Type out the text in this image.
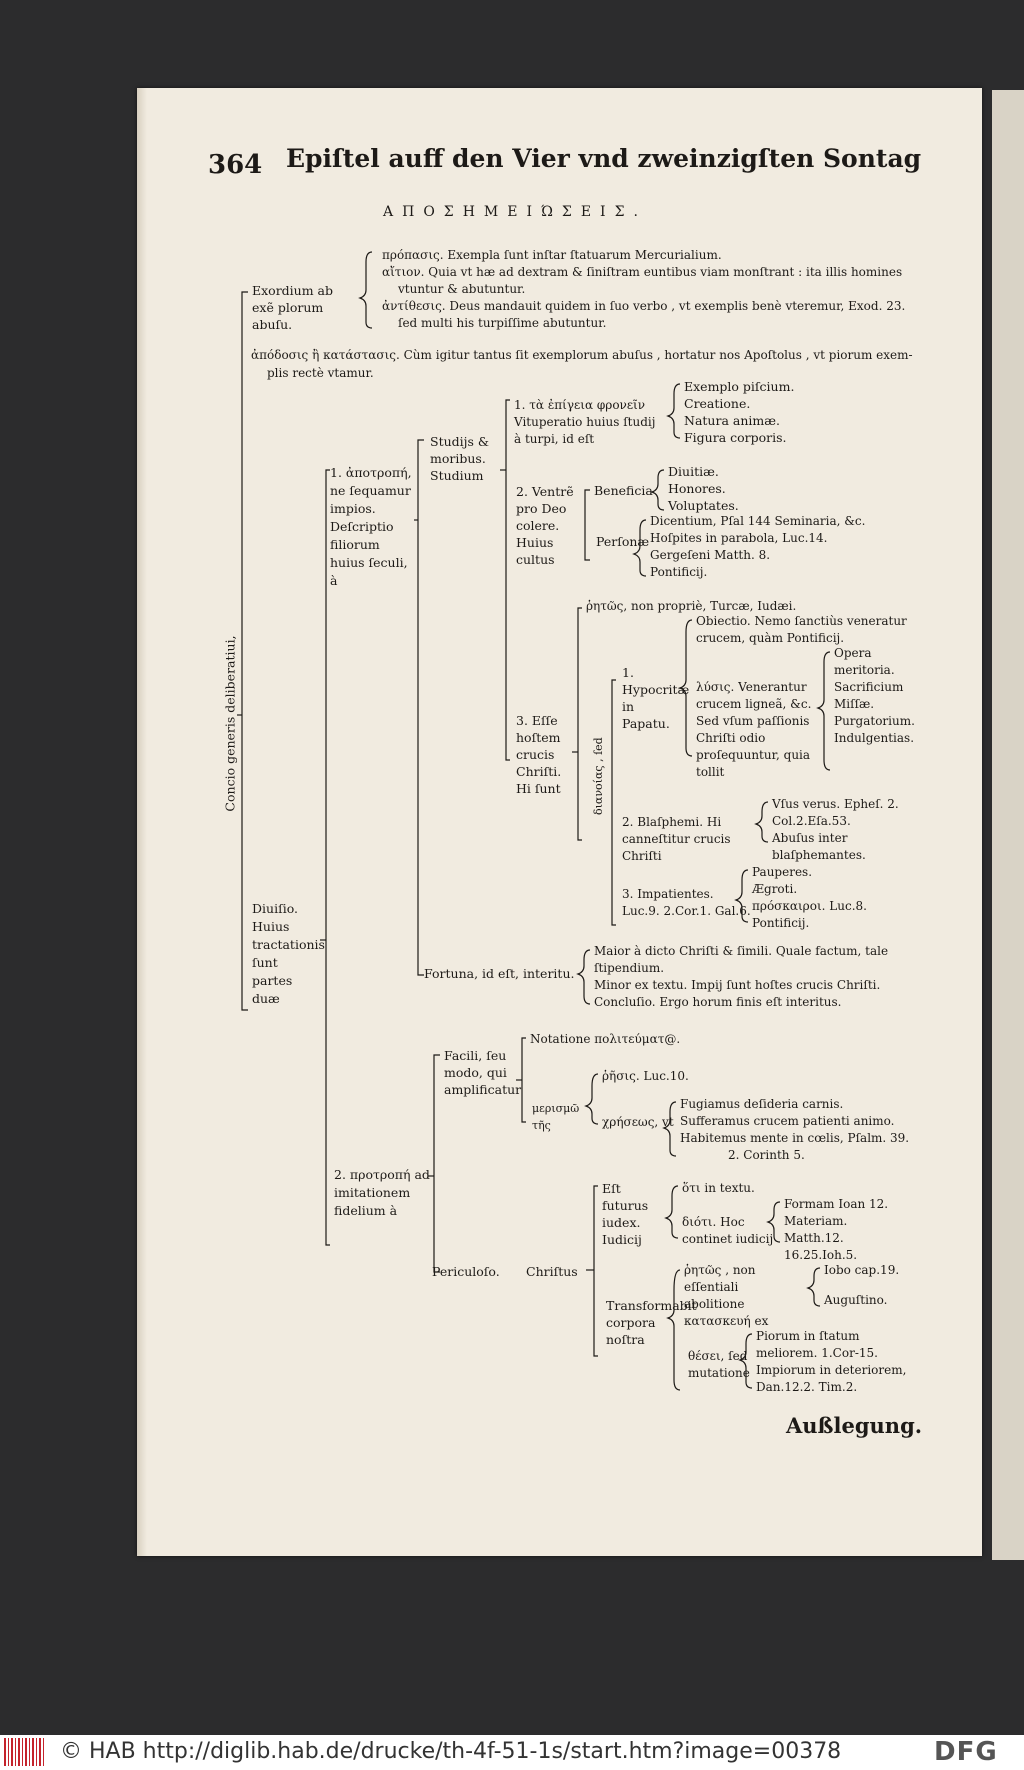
364 Epiſtel auff den Vier vnd zweinzigſten Sontag
ΑΠΟΣΗΜΕΙΏΣΕΙΣ.
Exordium ab exẽ plorum abuſu.
πρόπασις. Exempla ſunt inſtar ſtatuarum Mercurialium.
αἴτιον. Quia vt hæ ad dextram & ſiniſtram euntibus viam monſtrant : ita illis homines
vtuntur & abutuntur.
ἀντίθεσις. Deus mandauit quidem in ſuo verbo , vt exemplis benè vteremur, Exod. 23.
ſed multi his turpiſſime abutuntur.
ἀπόδοσις ἢ κατάστασις. Cùm igitur tantus ſit exemplorum abuſus , hortatur nos Apoſtolus , vt piorum exem-
plis rectè vtamur.
Concio generis deliberatiui,
Diuiſio. Huius tractationis ſunt partes duæ
1. ἀποτροπή, ne ſequamur impios. Deſcriptio filiorum huius ſeculi, à
Studijs & moribus. Studium
1. τὰ ἐπίγεια φρονεῖν Vituperatio huius ſtudij à turpi, id eſt
Exemplo piſcium.
Creatione.
Natura animæ.
Figura corporis.
2. Ventrẽ pro Deo colere. Huius cultus
Beneficia
Diuitiæ.
Honores.
Voluptates.
Perſonæ
Dicentium, Pſal 144 Seminaria, &c.
Hoſpites in parabola, Luc.14.
Gergeſeni Matth. 8.
Pontificij.
3. Eſſe hoſtem crucis Chriſti. Hi ſunt
ῥητῶς, non propriè, Turcæ, Iudæi.
διανοίας , ſed
1. Hypocritæ in Papatu.
Obiectio. Nemo ſanctiùs veneratur crucem, quàm Pontificij.
λύσις. Venerantur crucem ligneã, &c. Sed vſum paſſionis Chriſti odio proſequuntur, quia tollit
Opera meritoria. Sacrificium Miſſæ. Purgatorium. Indulgentias.
2. Blaſphemi. Hi canneſtitur crucis Chriſti
Vſus verus. Epheſ. 2. Col.2.Eſa.53.
Abuſus inter blaſphemantes.
3. Impatientes. Luc.9. 2.Cor.1. Gal.6.
Pauperes.
Ægroti.
πρόσκαιροι. Luc.8.
Pontificij.
Fortuna, id eſt, interitu.
Maior à dicto Chriſti & ſimili. Quale factum, tale ſtipendium.
Minor ex textu. Impij ſunt hoſtes crucis Chriſti.
Concluſio. Ergo horum finis eſt interitus.
2. προτροπή ad imitationem fidelium à
Facili, ſeu modo, qui amplificatur
Notatione πολιτεύματ@.
μερισμῶ τῆς
ῥῆσις. Luc.10.
χρήσεως, vt
Fugiamus deſideria carnis.
Sufferamus crucem patienti animo.
Habitemus mente in cœlis, Pſalm. 39.
2. Corinth 5.
Periculoſo. Chriſtus
Eſt futurus iudex. Iudicij
ὅτι in textu.
διότι. Hoc continet iudicij
Formam Ioan 12. Materiam. Matth.12. 16.25.Ioh.5.
Transformabit corpora noſtra
ῥητῶς , non eſſentiali abolitione κατασκευή ex
Iobo cap.19.
Auguſtino.
θέσει, ſed mutatione
Piorum in ſtatum meliorem. 1.Cor-15.
Impiorum in deteriorem, Dan.12.2. Tim.2.
Außlegung.
© HAB http://diglib.hab.de/drucke/th-4f-51-1s/start.htm?image=00378	DFG
